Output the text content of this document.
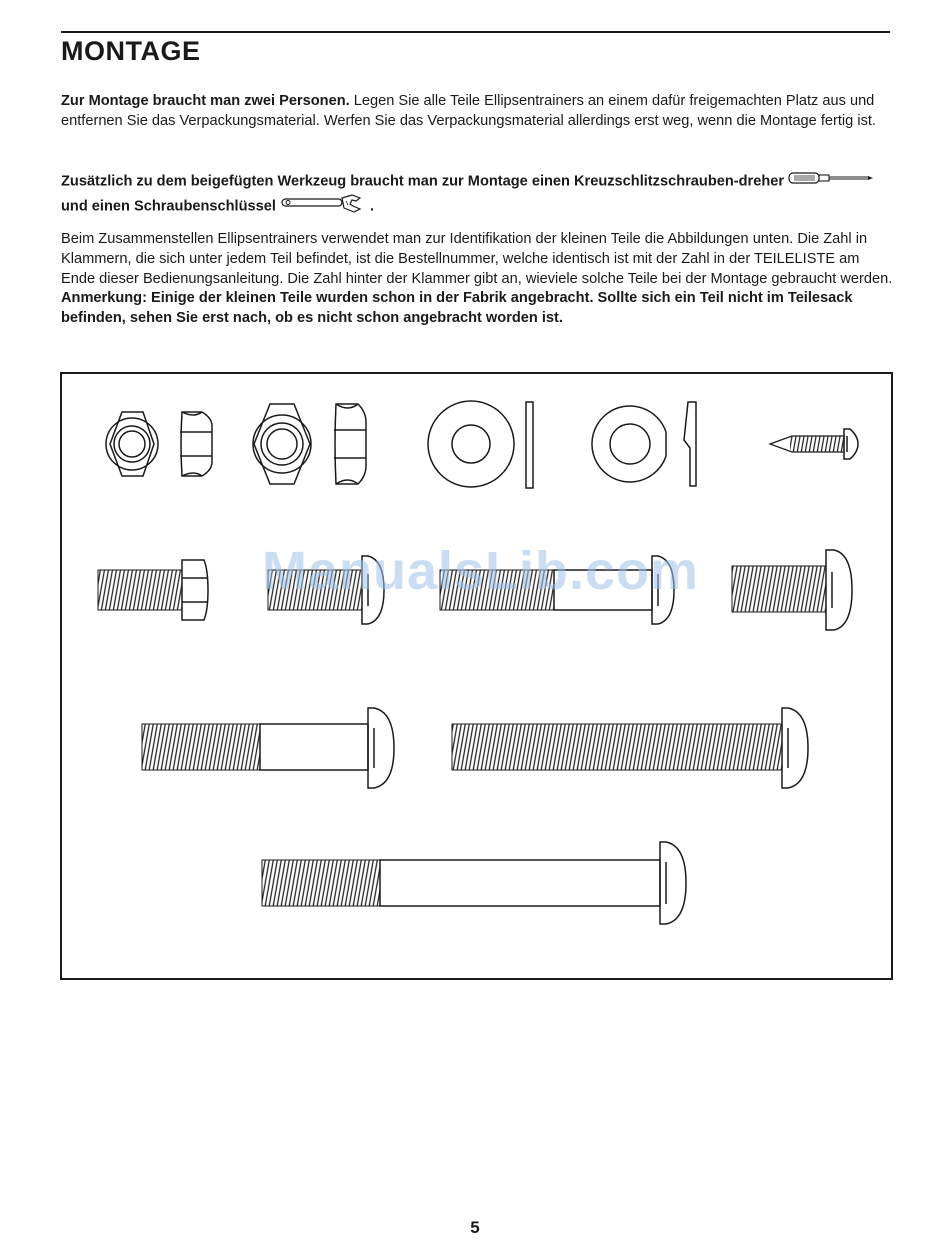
MONTAGE

Zur Montage braucht man zwei Personen. Legen Sie alle Teile Ellipsentrainers an einem dafür freigemachten Platz aus und entfernen Sie das Verpackungsmaterial. Werfen Sie das Verpackungsmaterial allerdings erst weg, wenn die Montage fertig ist.

Zusätzlich zu dem beigefügten Werkzeug braucht man zur Montage einen Kreuzschlitzschrauben-dreher  und einen Schraubenschlüssel	.

Beim Zusammenstellen Ellipsentrainers verwendet man zur Identifikation der kleinen Teile die Abbildungen unten. Die Zahl in Klammern, die sich unter jedem Teil befindet, ist die Bestellnummer, welche identisch ist mit der Zahl in der TEILELISTE am Ende dieser Bedienungsanleitung. Die Zahl hinter der Klammer gibt an, wieviele solche Teile bei der Montage gebraucht werden. Anmerkung: Einige der kleinen Teile wurden schon in der Fabrik angebracht. Sollte sich ein Teil nicht im Teilesack befinden, sehen Sie erst nach, ob es nicht schon angebracht worden ist.

ManualsLib.com
5
